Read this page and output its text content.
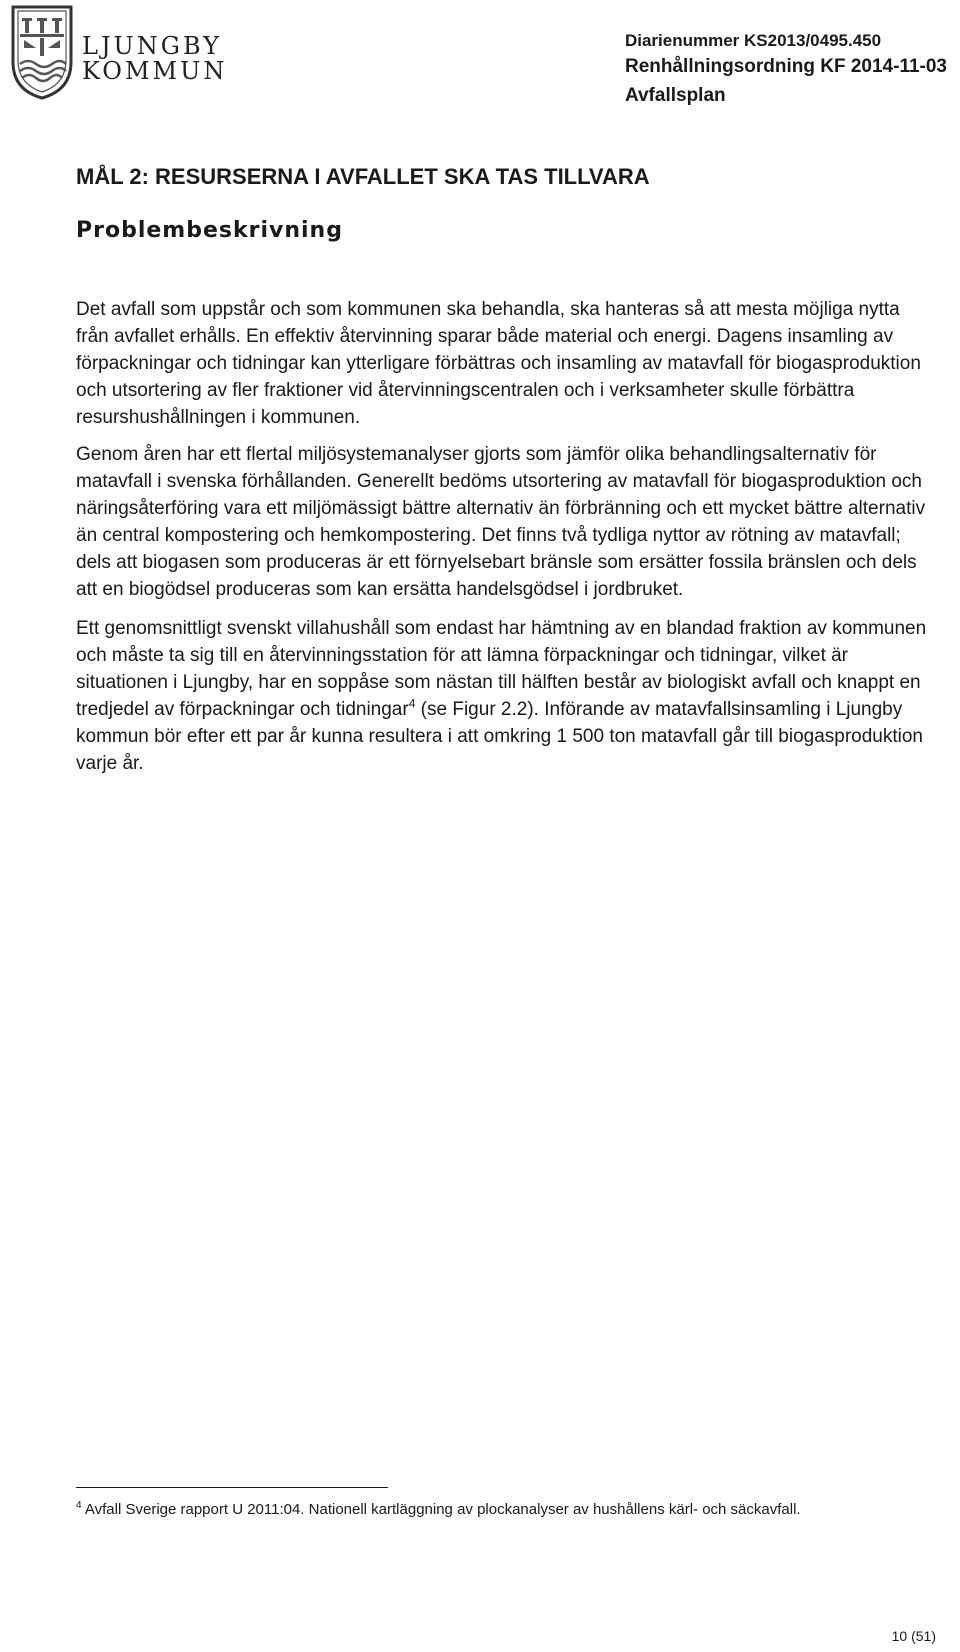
LJUNGBY
KOMMUN
Diarienummer KS2013/0495.450
Renhållningsordning KF 2014-11-03
Avfallsplan
MÅL 2: RESURSERNA I AVFALLET SKA TAS TILLVARA
Problembeskrivning

Det avfall som uppstår och som kommunen ska behandla, ska hanteras så att mesta möjliga nytta från avfallet erhålls. En effektiv återvinning sparar både material och energi. Dagens insamling av förpackningar och tidningar kan ytterligare förbättras och insamling av matavfall för biogasproduktion och utsortering av fler fraktioner vid återvinningscentralen och i verksamheter skulle förbättra resurshushållningen i kommunen.

Genom åren har ett flertal miljösystemanalyser gjorts som jämför olika behandlingsalternativ för matavfall i svenska förhållanden. Generellt bedöms utsortering av matavfall för biogasproduktion och näringsåterföring vara ett miljömässigt bättre alternativ än förbränning och ett mycket bättre alternativ än central kompostering och hemkompostering. Det finns två tydliga nyttor av rötning av matavfall; dels att biogasen som produceras är ett förnyelsebart bränsle som ersätter fossila bränslen och dels att en biogödsel produceras som kan ersätta handelsgödsel i jordbruket.

Ett genomsnittligt svenskt villahushåll som endast har hämtning av en blandad fraktion av kommunen och måste ta sig till en återvinningsstation för att lämna förpackningar och tidningar, vilket är situationen i Ljungby, har en soppåse som nästan till hälften består av biologiskt avfall och knappt en tredjedel av förpackningar och tidningar$^4$ (se Figur 2.2). Införande av matavfallsinsamling i Ljungby kommun bör efter ett par år kunna resultera i att omkring 1 500 ton matavfall går till biogasproduktion varje år.

$^4$ Avfall Sverige rapport U 2011:04. Nationell kartläggning av plockanalyser av hushållens kärl- och säckavfall.
10 (51)
